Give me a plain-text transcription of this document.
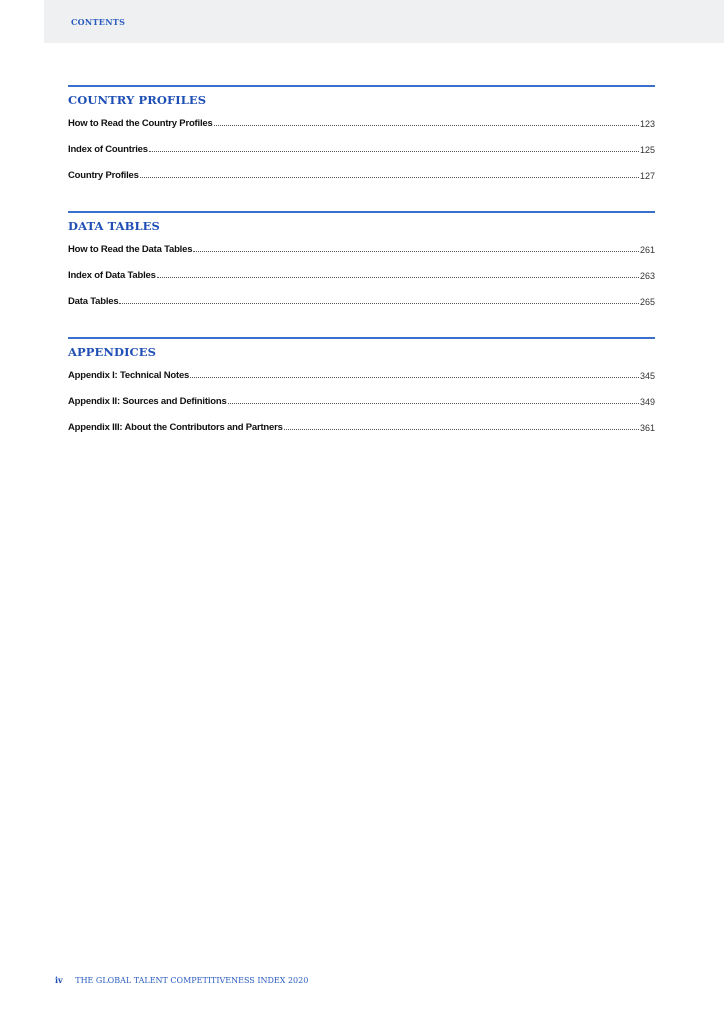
CONTENTS
COUNTRY PROFILES
How to Read the Country Profiles	123
Index of Countries	125
Country Profiles	127
DATA TABLES
How to Read the Data Tables	261
Index of Data Tables	263
Data Tables	265
APPENDICES
Appendix I: Technical Notes	345
Appendix II: Sources and Definitions	349
Appendix III: About the Contributors and Partners	361
iv THE GLOBAL TALENT COMPETITIVENESS INDEX 2020
